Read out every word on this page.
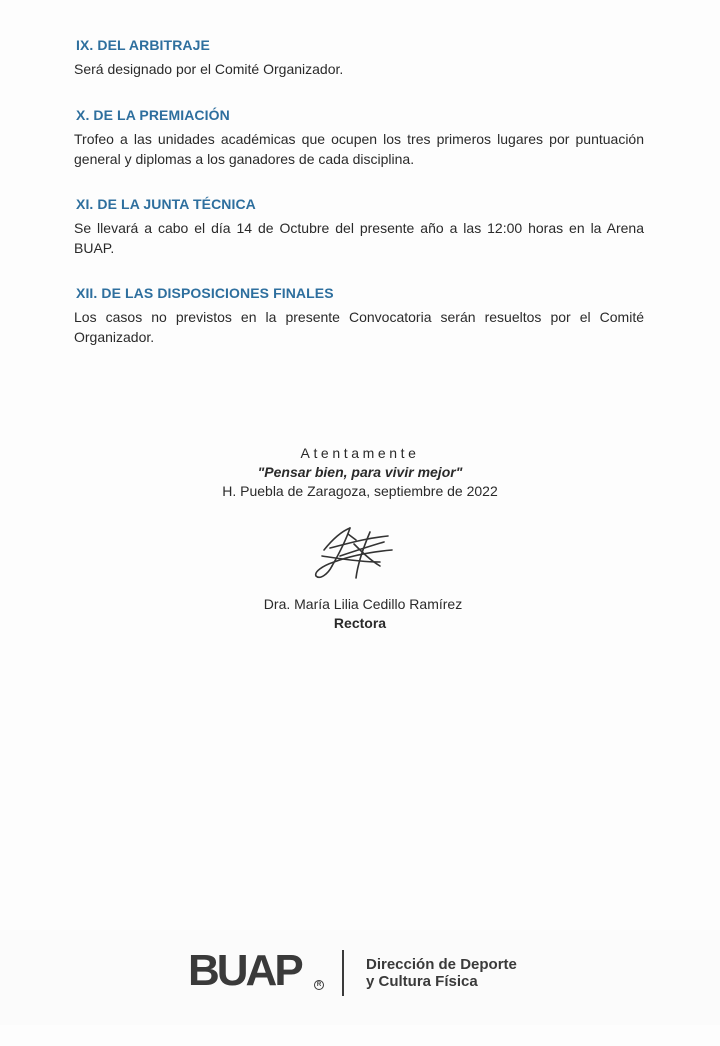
IX. DEL ARBITRAJE

Será designado por el Comité Organizador.

X. DE LA PREMIACIÓN

Trofeo a las unidades académicas que ocupen los tres primeros lugares por puntuación general y diplomas a los ganadores de cada disciplina.

XI. DE LA JUNTA TÉCNICA

Se llevará a cabo el día 14 de Octubre del presente año a las 12:00 horas en la Arena BUAP.

XII. DE LAS DISPOSICIONES FINALES

Los casos no previstos en la presente Convocatoria serán resueltos por el Comité Organizador.

Atentamente
"Pensar bien, para vivir mejor"
H. Puebla de Zaragoza, septiembre de 2022
Dra. María Lilia Cedillo Ramírez
Rectora
BUAP	R
Dirección de Deporte
y Cultura Física
